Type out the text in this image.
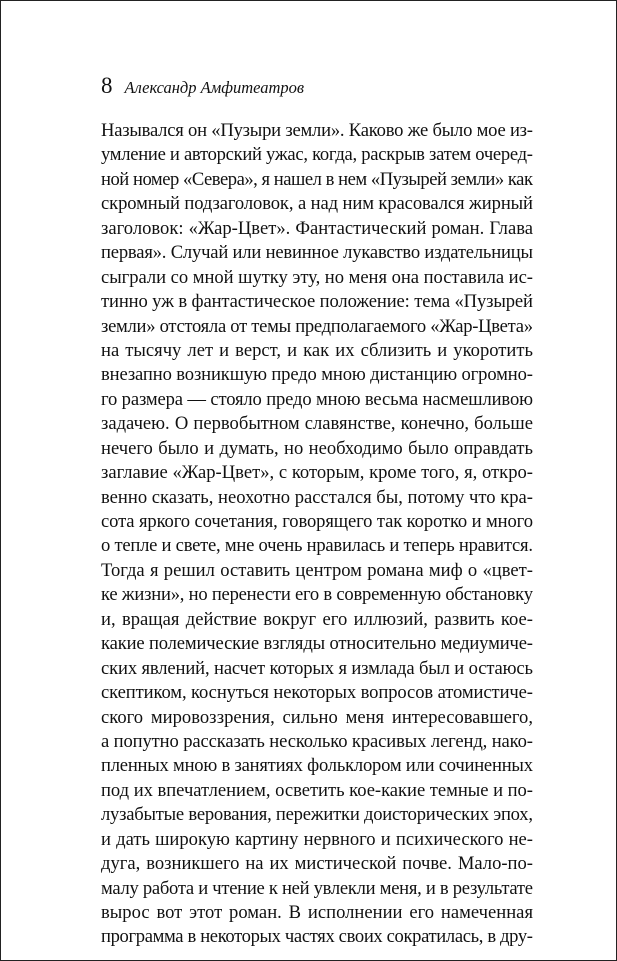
8 Александр Амфитеатров
Назывался он «Пузыри земли». Каково же было мое из-
умление и авторский ужас, когда, раскрыв затем очеред-
ной номер «Севера», я нашел в нем «Пузырей земли» как
скромный подзаголовок, а над ним красовался жирный
заголовок: «Жар-Цвет». Фантастический роман. Глава
первая». Случай или невинное лукавство издательницы
сыграли со мной шутку эту, но меня она поставила ис-
тинно уж в фантастическое положение: тема «Пузырей
земли» отстояла от темы предполагаемого «Жар-Цвета»
на тысячу лет и верст, и как их сблизить и укоротить
внезапно возникшую предо мною дистанцию огромно-
го размера — стояло предо мною весьма насмешливою
задачею. О первобытном славянстве, конечно, больше
нечего было и думать, но необходимо было оправдать
заглавие «Жар-Цвет», с которым, кроме того, я, откро-
венно сказать, неохотно расстался бы, потому что кра-
сота яркого сочетания, говорящего так коротко и много
о тепле и свете, мне очень нравилась и теперь нравится.
Тогда я решил оставить центром романа миф о «цвет-
ке жизни», но перенести его в современную обстановку
и, вращая действие вокруг его иллюзий, развить кое-
какие полемические взгляды относительно медиумиче-
ских явлений, насчет которых я измлада был и остаюсь
скептиком, коснуться некоторых вопросов атомистиче-
ского мировоззрения, сильно меня интересовавшего,
а попутно рассказать несколько красивых легенд, нако-
пленных мною в занятиях фольклором или сочиненных
под их впечатлением, осветить кое-какие темные и по-
лузабытые верования, пережитки доисторических эпох,
и дать широкую картину нервного и психического не-
дуга, возникшего на их мистической почве. Мало-по-
малу работа и чтение к ней увлекли меня, и в результате
вырос вот этот роман. В исполнении его намеченная
программа в некоторых частях своих сократилась, в дру-
